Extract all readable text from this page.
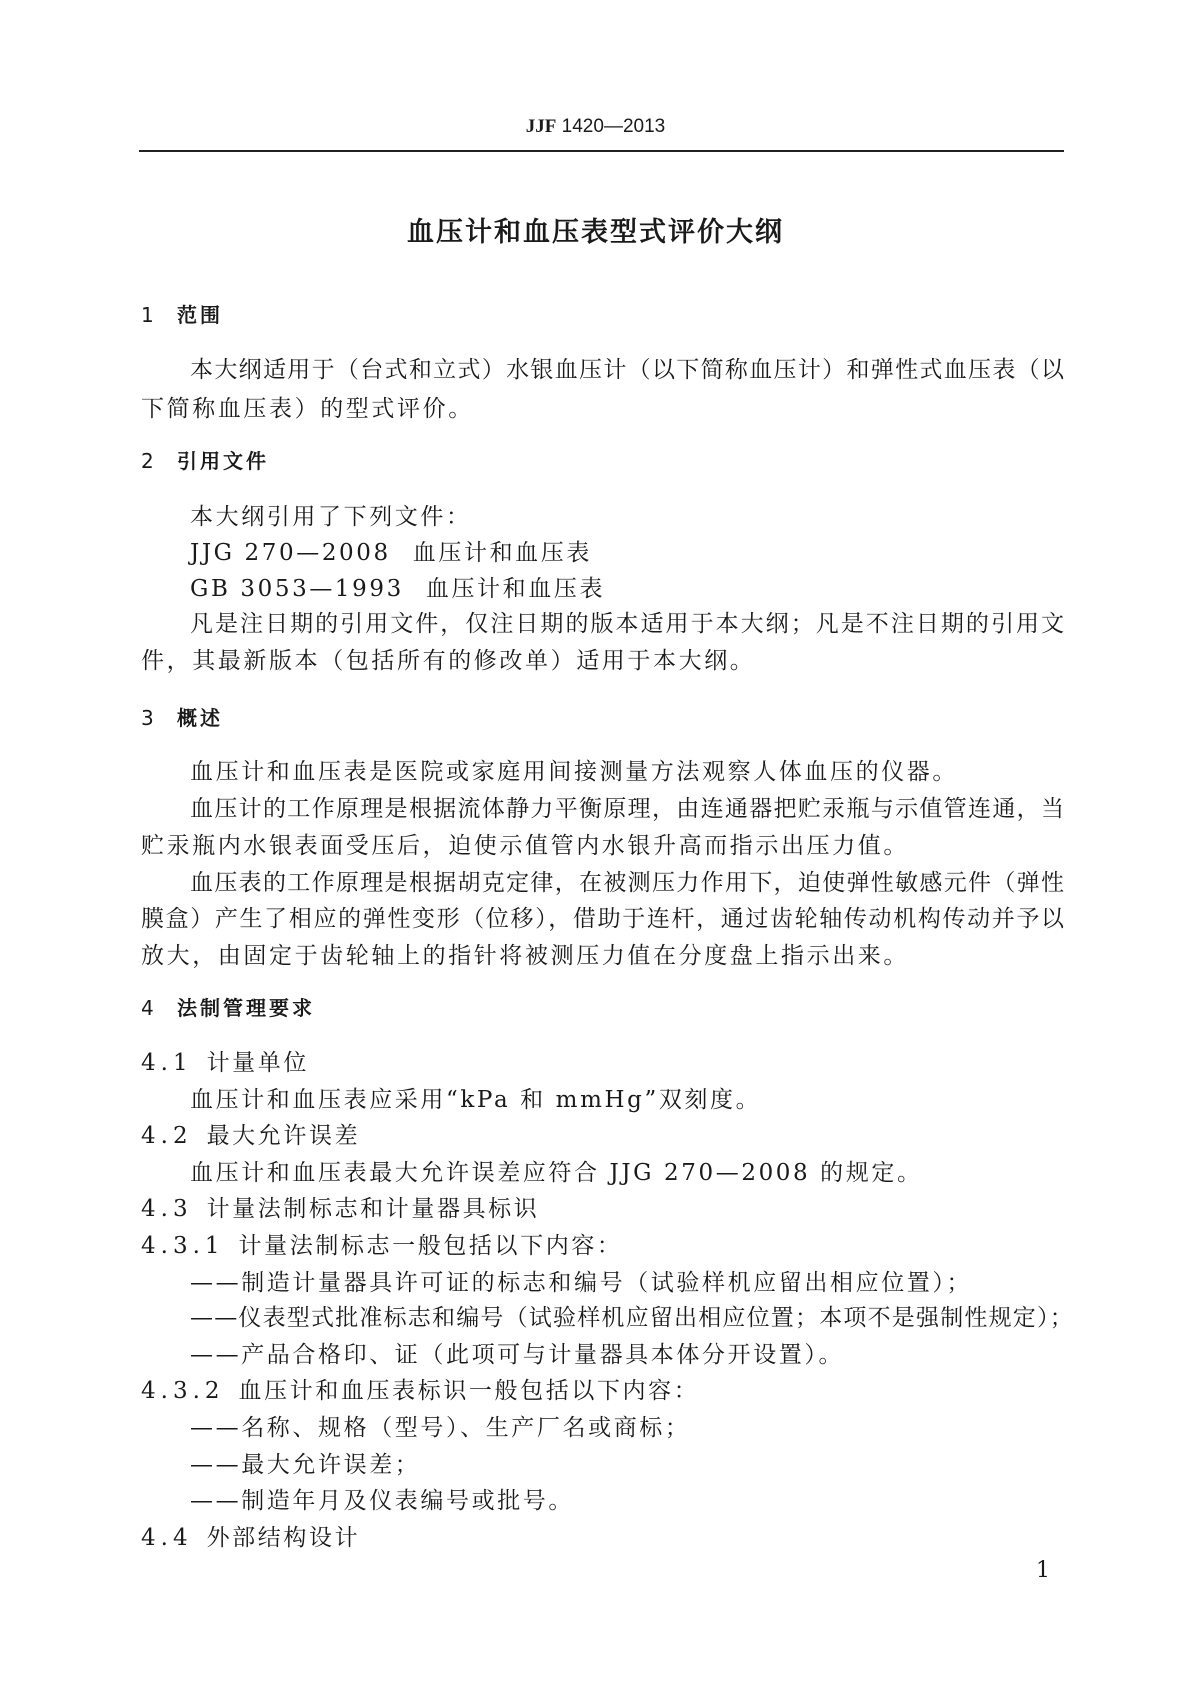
JJF 1420—2013
血压计和血压表型式评价大纲
1 范围
本大纲适用于（台式和立式）水银血压计（以下简称血压计）和弹性式血压表（以
下简称血压表）的型式评价。
2 引用文件
本大纲引用了下列文件：
JJG 270—2008 血压计和血压表
GB 3053—1993 血压计和血压表
凡是注日期的引用文件，仅注日期的版本适用于本大纲；凡是不注日期的引用文
件，其最新版本（包括所有的修改单）适用于本大纲。
3 概述
血压计和血压表是医院或家庭用间接测量方法观察人体血压的仪器。
血压计的工作原理是根据流体静力平衡原理，由连通器把贮汞瓶与示值管连通，当
贮汞瓶内水银表面受压后，迫使示值管内水银升高而指示出压力值。
血压表的工作原理是根据胡克定律，在被测压力作用下，迫使弹性敏感元件（弹性
膜盒）产生了相应的弹性变形（位移），借助于连杆，通过齿轮轴传动机构传动并予以
放大，由固定于齿轮轴上的指针将被测压力值在分度盘上指示出来。
4 法制管理要求
4.1 计量单位
血压计和血压表应采用“kPa 和 mmHg”双刻度。
4.2 最大允许误差
血压计和血压表最大允许误差应符合 JJG 270—2008 的规定。
4.3 计量法制标志和计量器具标识
4.3.1 计量法制标志一般包括以下内容：
——制造计量器具许可证的标志和编号（试验样机应留出相应位置）；
——仪表型式批准标志和编号（试验样机应留出相应位置；本项不是强制性规定）；
——产品合格印、证（此项可与计量器具本体分开设置）。
4.3.2 血压计和血压表标识一般包括以下内容：
——名称、规格（型号）、生产厂名或商标；
——最大允许误差；
——制造年月及仪表编号或批号。
4.4 外部结构设计
1
